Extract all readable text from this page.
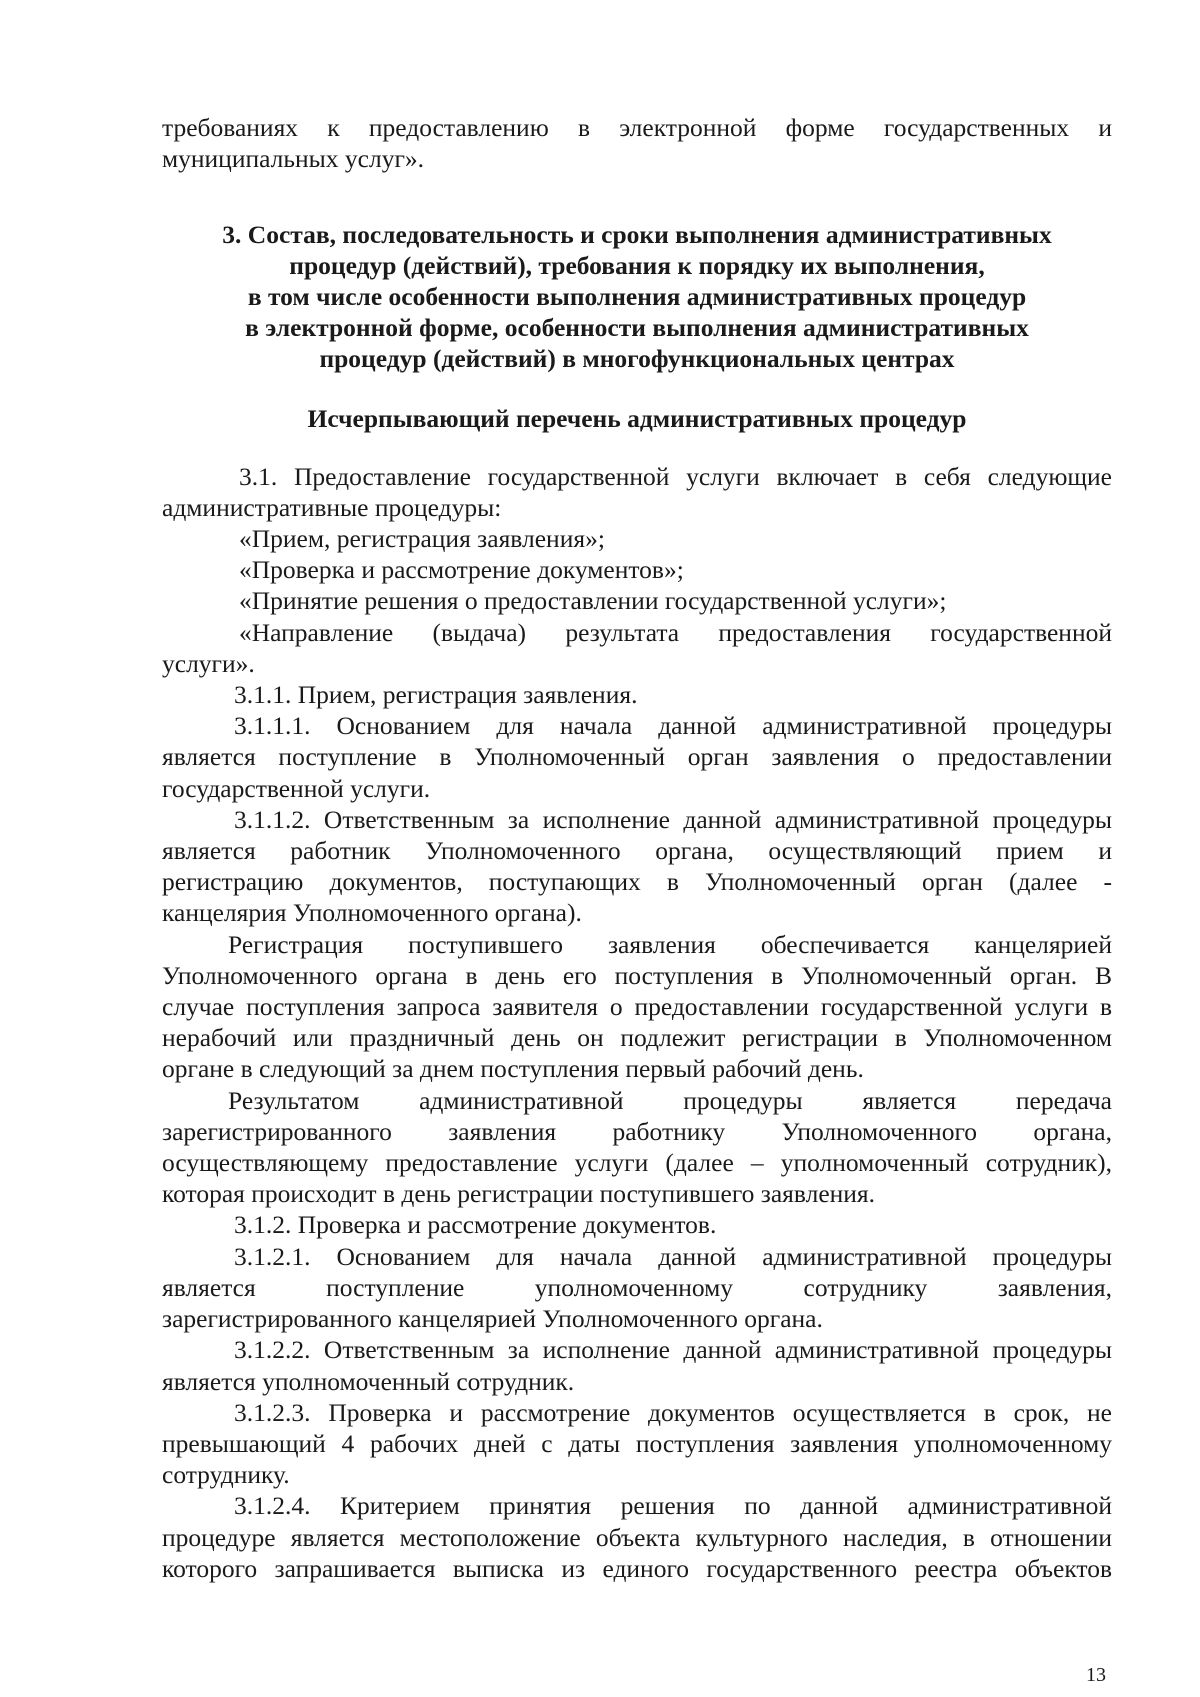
требованиях к предоставлению в электронной форме государственных и

муниципальных услуг».

3. Состав, последовательность и сроки выполнения административных

процедур (действий), требования к порядку их выполнения,

в том числе особенности выполнения административных процедур

в электронной форме, особенности выполнения административных

процедур (действий) в многофункциональных центрах

Исчерпывающий перечень административных процедур

3.1. Предоставление государственной услуги включает в себя следующие

административные процедуры:

«Прием, регистрация заявления»;

«Проверка и рассмотрение документов»;

«Принятие решения о предоставлении государственной услуги»;

«Направление (выдача) результата предоставления государственной

услуги».

3.1.1. Прием, регистрация заявления.

3.1.1.1. Основанием для начала данной административной процедуры

является поступление в Уполномоченный орган заявления о предоставлении

государственной услуги.

3.1.1.2. Ответственным за исполнение данной административной процедуры

является работник Уполномоченного органа, осуществляющий прием и

регистрацию документов, поступающих в Уполномоченный орган (далее -

канцелярия Уполномоченного органа).

Регистрация поступившего заявления обеспечивается канцелярией

Уполномоченного органа в день его поступления в Уполномоченный орган. В

случае поступления запроса заявителя о предоставлении государственной услуги в

нерабочий или праздничный день он подлежит регистрации в Уполномоченном

органе в следующий за днем поступления первый рабочий день.

Результатом административной процедуры является передача

зарегистрированного заявления работнику Уполномоченного органа,

осуществляющему предоставление услуги (далее – уполномоченный сотрудник),

которая происходит в день регистрации поступившего заявления.

3.1.2. Проверка и рассмотрение документов.

3.1.2.1. Основанием для начала данной административной процедуры

является поступление уполномоченному сотруднику заявления,

зарегистрированного канцелярией Уполномоченного органа.

3.1.2.2. Ответственным за исполнение данной административной процедуры

является уполномоченный сотрудник.

3.1.2.3. Проверка и рассмотрение документов осуществляется в срок, не

превышающий 4 рабочих дней с даты поступления заявления уполномоченному

сотруднику.

3.1.2.4. Критерием принятия решения по данной административной

процедуре является местоположение объекта культурного наследия, в отношении

которого запрашивается выписка из единого государственного реестра объектов

13
